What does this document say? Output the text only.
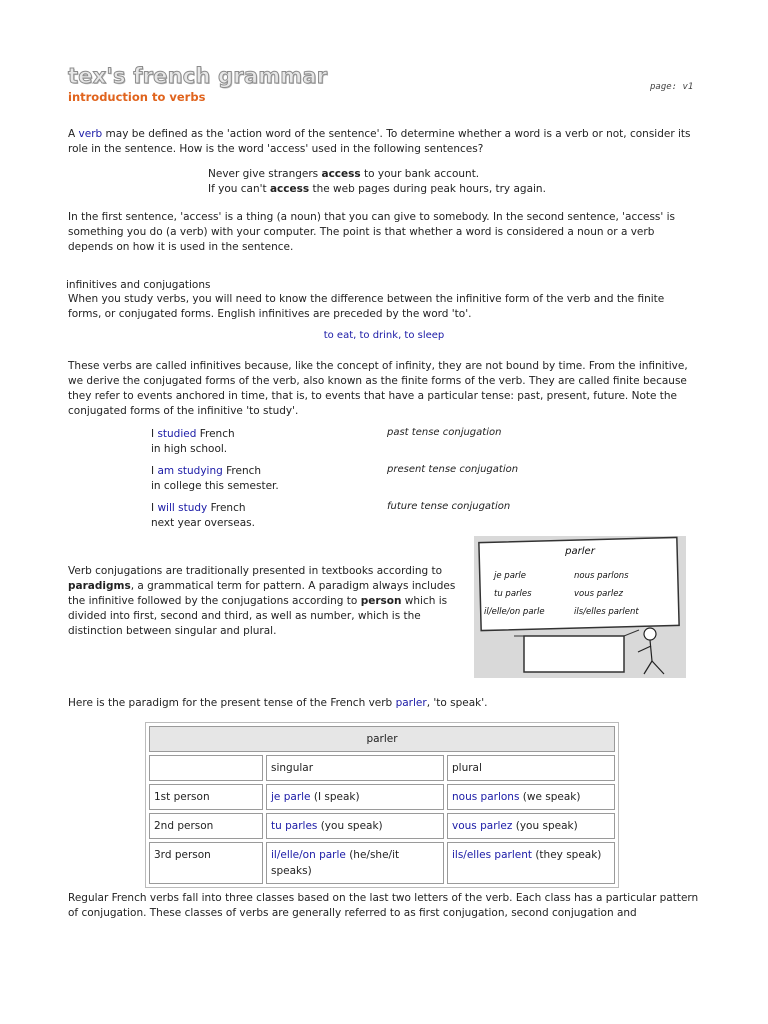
tex's french grammar
introduction to verbs
page: v1

A verb may be defined as the 'action word of the sentence'. To determine whether a word is a verb or not, consider its role in the sentence. How is the word 'access' used in the following sentences?

Never give strangers access to your bank account.
If you can't access the web pages during peak hours, try again.

In the first sentence, 'access' is a thing (a noun) that you can give to somebody. In the second sentence, 'access' is something you do (a verb) with your computer. The point is that whether a word is considered a noun or a verb depends on how it is used in the sentence.

infinitives and conjugations

When you study verbs, you will need to know the difference between the infinitive form of the verb and the finite forms, or conjugated forms. English infinitives are preceded by the word 'to'.

to eat, to drink, to sleep

These verbs are called infinitives because, like the concept of infinity, they are not bound by time. From the infinitive, we derive the conjugated forms of the verb, also known as the finite forms of the verb. They are called finite because they refer to events anchored in time, that is, to events that have a particular tense: past, present, future. Note the conjugated forms of the infinitive 'to study'.

I studied French
in high school.
past tense conjugation
I am studying French
in college this semester.
present tense conjugation
I will study French
next year overseas.
future tense conjugation

Verb conjugations are traditionally presented in textbooks according to paradigms, a grammatical term for pattern. A paradigm always includes the infinitive followed by the conjugations according to person which is divided into first, second and third, as well as number, which is the distinction between singular and plural.

parler
je parle
tu parles
il/elle/on parle
nous parlons
vous parlez
ils/elles parlent

Here is the paradigm for the present tense of the French verb parler, 'to speak'.

parler		
	singular	plural
1st person	je parle (I speak)	nous parlons (we speak)
2nd person	tu parles (you speak)	vous parlez (you speak)
3rd person	il/elle/on parle (he/she/it speaks)	ils/elles parlent (they speak)

Regular French verbs fall into three classes based on the last two letters of the verb. Each class has a particular pattern of conjugation. These classes of verbs are generally referred to as first conjugation, second conjugation and
